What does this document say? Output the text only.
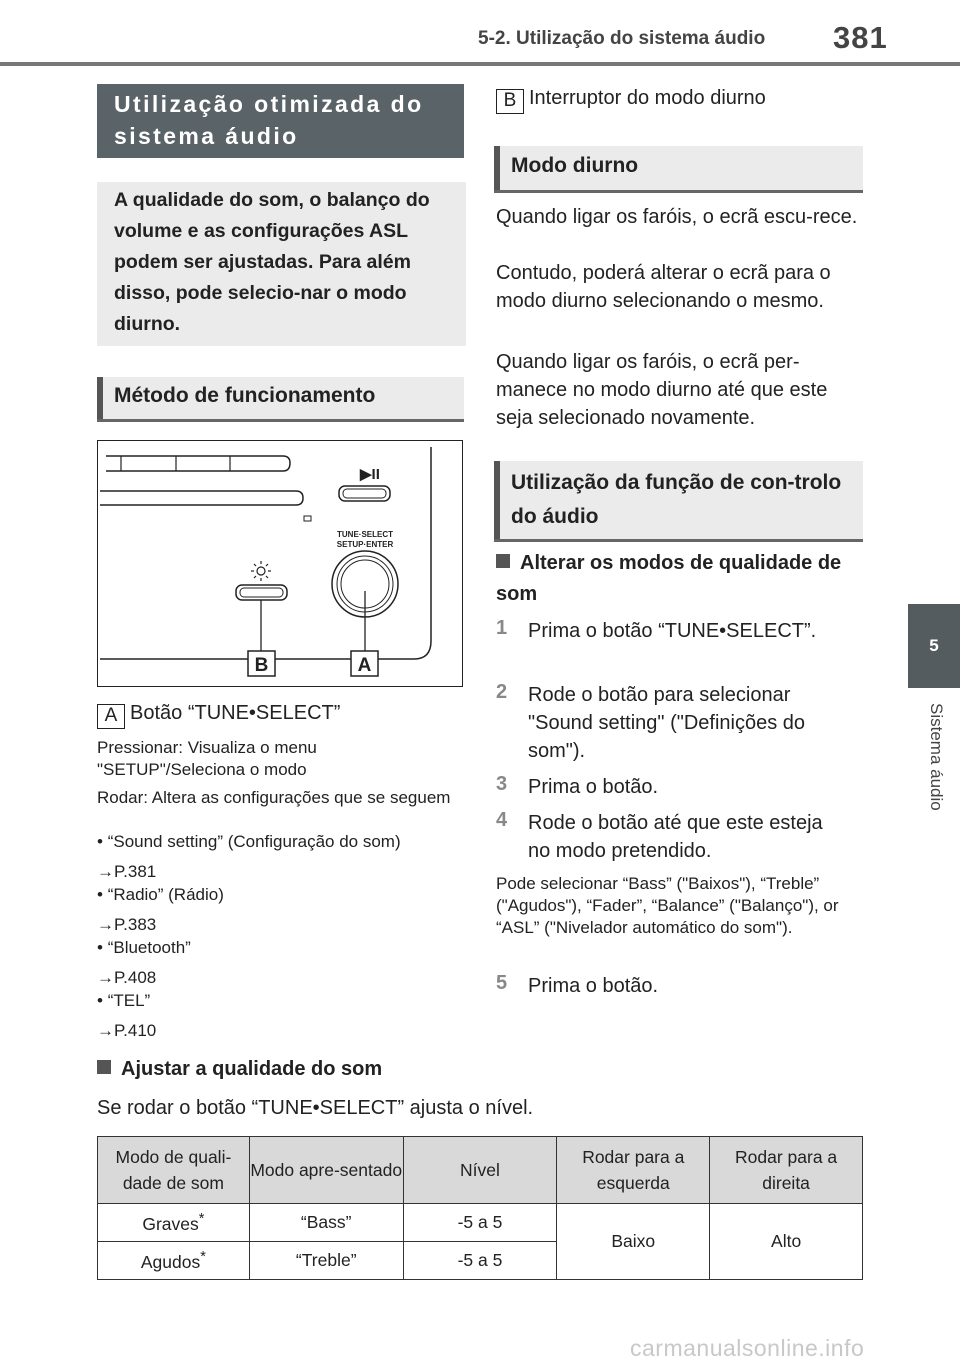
5-2. Utilização do sistema áudio 381
5
Sistema áudio
Utilização otimizada do sistema áudio
A qualidade do som, o balanço do volume e as configurações ASL podem ser ajustadas. Para além disso, pode selecio-nar o modo diurno.
Método de funcionamento
▶II
TUNE·SELECT
SETUP·ENTER
B	A
A Botão “TUNE•SELECT”
Pressionar: Visualiza o menu "SETUP"/Seleciona o modo
Rodar: Altera as configurações que se seguem
• “Sound setting” (Configuração do som)
→P.381
• “Radio” (Rádio)
→P.383
• “Bluetooth”
→P.408
• “TEL”
→P.410
Ajustar a qualidade do som
Se rodar o botão “TUNE•SELECT” ajusta o nível.
B Interruptor do modo diurno
Modo diurno
Quando ligar os faróis, o ecrã escu-rece.
Contudo, poderá alterar o ecrã para o modo diurno selecionando o mesmo.
Quando ligar os faróis, o ecrã per-manece no modo diurno até que este seja selecionado novamente.
Utilização da função de con-trolo do áudio
Alterar os modos de qualidade de som
1 Prima o botão “TUNE•SELECT”.
2 Rode o botão para selecionar "Sound setting" ("Definições do som").
3 Prima o botão.
4 Rode o botão até que este esteja no modo pretendido.
Pode selecionar “Bass” ("Baixos"), “Treble” ("Agudos"), “Fader”, “Balance” ("Balanço"), or “ASL” ("Nivelador automático do som").
5 Prima o botão.
Modo de quali-dade de som	Modo apre-sentado	Nível	Rodar para a esquerda	Rodar para a direita
Graves*	“Bass”	-5 a 5	Baixo	Alto
Agudos*	“Treble”	-5 a 5		
carmanualsonline.info
